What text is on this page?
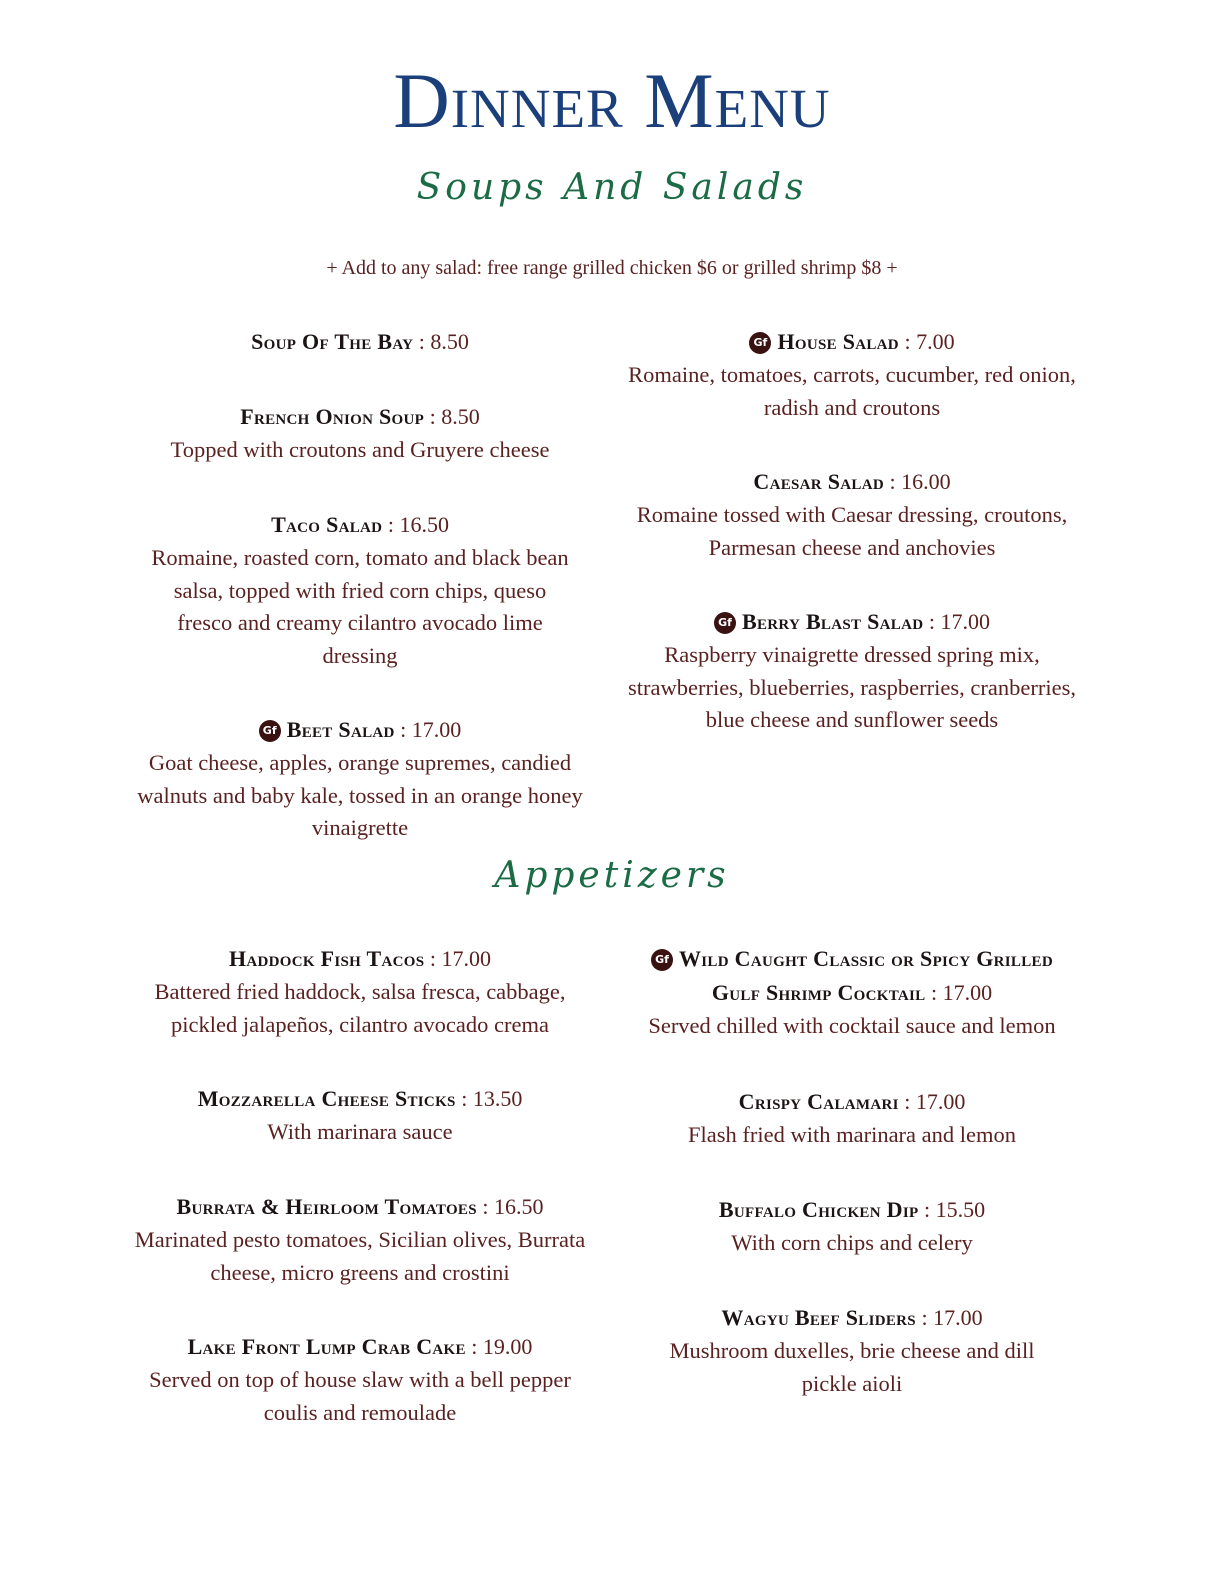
Dinner Menu
Soups And Salads
+ Add to any salad: free range grilled chicken $6 or grilled shrimp $8 +
Soup Of The Bay : 8.50
French Onion Soup : 8.50
Topped with croutons and Gruyere cheese
Taco Salad : 16.50
Romaine, roasted corn, tomato and black bean salsa, topped with fried corn chips, queso fresco and creamy cilantro avocado lime dressing
Gf Beet Salad : 17.00
Goat cheese, apples, orange supremes, candied walnuts and baby kale, tossed in an orange honey vinaigrette
Gf House Salad : 7.00
Romaine, tomatoes, carrots, cucumber, red onion, radish and croutons
Caesar Salad : 16.00
Romaine tossed with Caesar dressing, croutons, Parmesan cheese and anchovies
Gf Berry Blast Salad : 17.00
Raspberry vinaigrette dressed spring mix, strawberries, blueberries, raspberries, cranberries, blue cheese and sunflower seeds
Appetizers
Haddock Fish Tacos : 17.00
Battered fried haddock, salsa fresca, cabbage, pickled jalapeños, cilantro avocado crema
Mozzarella Cheese Sticks : 13.50
With marinara sauce
Burrata & Heirloom Tomatoes : 16.50
Marinated pesto tomatoes, Sicilian olives, Burrata cheese, micro greens and crostini
Lake Front Lump Crab Cake : 19.00
Served on top of house slaw with a bell pepper coulis and remoulade
Gf Wild Caught Classic or Spicy Grilled
Gulf Shrimp Cocktail : 17.00
Served chilled with cocktail sauce and lemon
Crispy Calamari : 17.00
Flash fried with marinara and lemon
Buffalo Chicken Dip : 15.50
With corn chips and celery
Wagyu Beef Sliders : 17.00
Mushroom duxelles, brie cheese and dill pickle aioli
